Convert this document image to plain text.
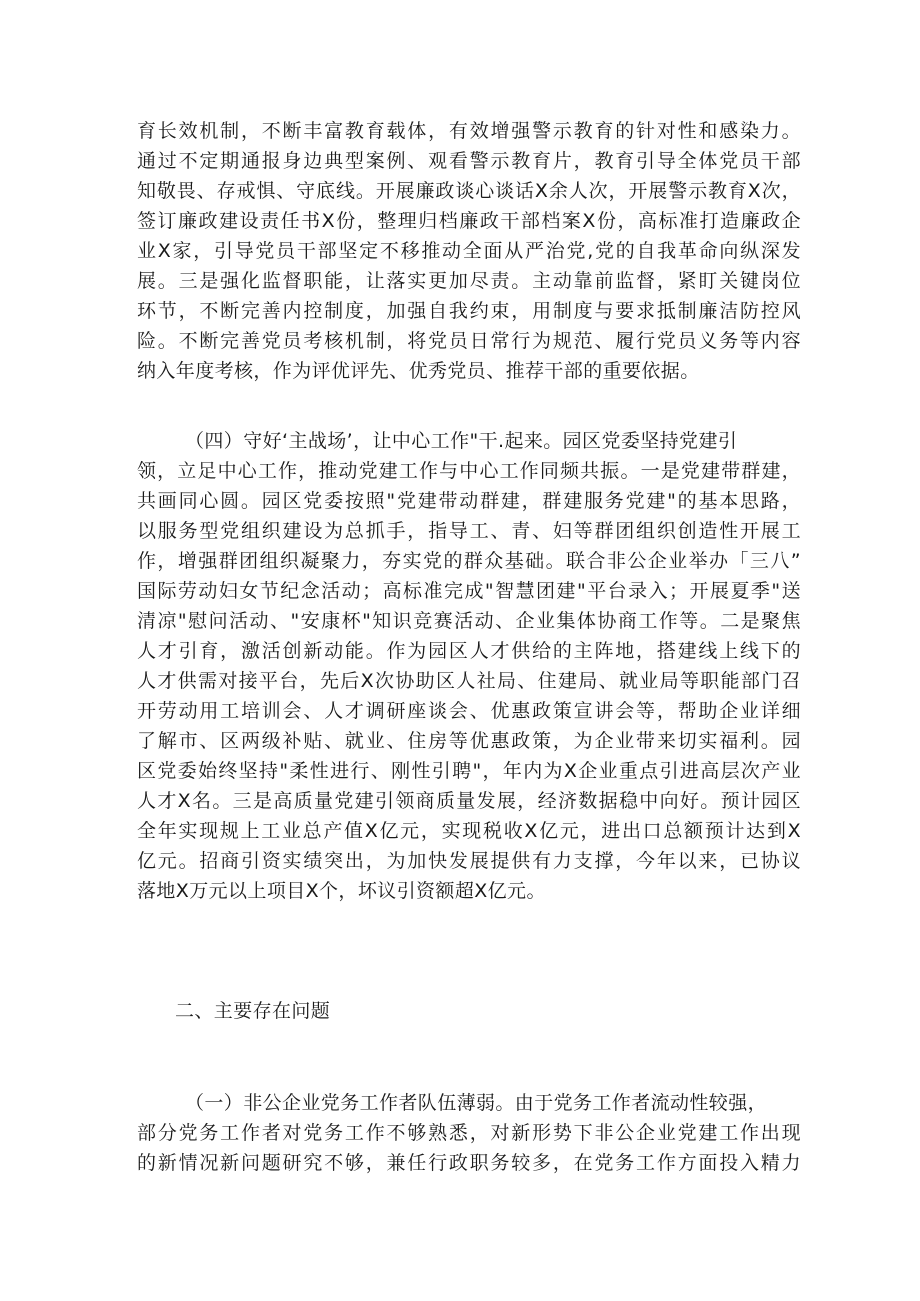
育长效机制，不断丰富教育载体，有效增强警示教育的针对性和感染力。
通过不定期通报身边典型案例、观看警示教育片，教育引导全体党员干部
知敬畏、存戒惧、守底线。开展廉政谈心谈话X余人次，开展警示教育X次，
签订廉政建设责任书X份，整理归档廉政干部档案X份，高标准打造廉政企
业X家，引导党员干部坚定不移推动全面从严治党,党的自我革命向纵深发
展。三是强化监督职能，让落实更加尽责。主动靠前监督，紧盯关键岗位
环节，不断完善内控制度，加强自我约束，用制度与要求抵制廉洁防控风
险。不断完善党员考核机制，将党员日常行为规范、履行党员义务等内容
纳入年度考核，作为评优评先、优秀党员、推荐干部的重要依据。
（四）守好‘主战场’，让中心工作"干.起来。园区党委坚持党建引
领，立足中心工作，推动党建工作与中心工作同频共振。一是党建带群建，
共画同心圆。园区党委按照"党建带动群建，群建服务党建"的基本思路，
以服务型党组织建设为总抓手，指导工、青、妇等群团组织创造性开展工
作，增强群团组织凝聚力，夯实党的群众基础。联合非公企业举办「三八”
国际劳动妇女节纪念活动；高标准完成"智慧团建"平台录入；开展夏季"送
清凉"慰问活动、"安康杯"知识竞赛活动、企业集体协商工作等。二是聚焦
人才引育，激活创新动能。作为园区人才供给的主阵地，搭建线上线下的
人才供需对接平台，先后X次协助区人社局、住建局、就业局等职能部门召
开劳动用工培训会、人才调研座谈会、优惠政策宣讲会等，帮助企业详细
了解市、区两级补贴、就业、住房等优惠政策，为企业带来切实福利。园
区党委始终坚持"柔性进行、刚性引聘"，年内为X企业重点引进高层次产业
人才X名。三是高质量党建引领商质量发展，经济数据稳中向好。预计园区
全年实现规上工业总产值X亿元，实现税收X亿元，进出口总额预计达到X
亿元。招商引资实绩突出，为加快发展提供有力支撑，今年以来，已协议
落地X万元以上项目X个，坏议引资额超X亿元。
二、主要存在问题
（一）非公企业党务工作者队伍薄弱。由于党务工作者流动性较强，
部分党务工作者对党务工作不够熟悉，对新形势下非公企业党建工作出现
的新情况新问题研究不够，兼任行政职务较多，在党务工作方面投入精力
